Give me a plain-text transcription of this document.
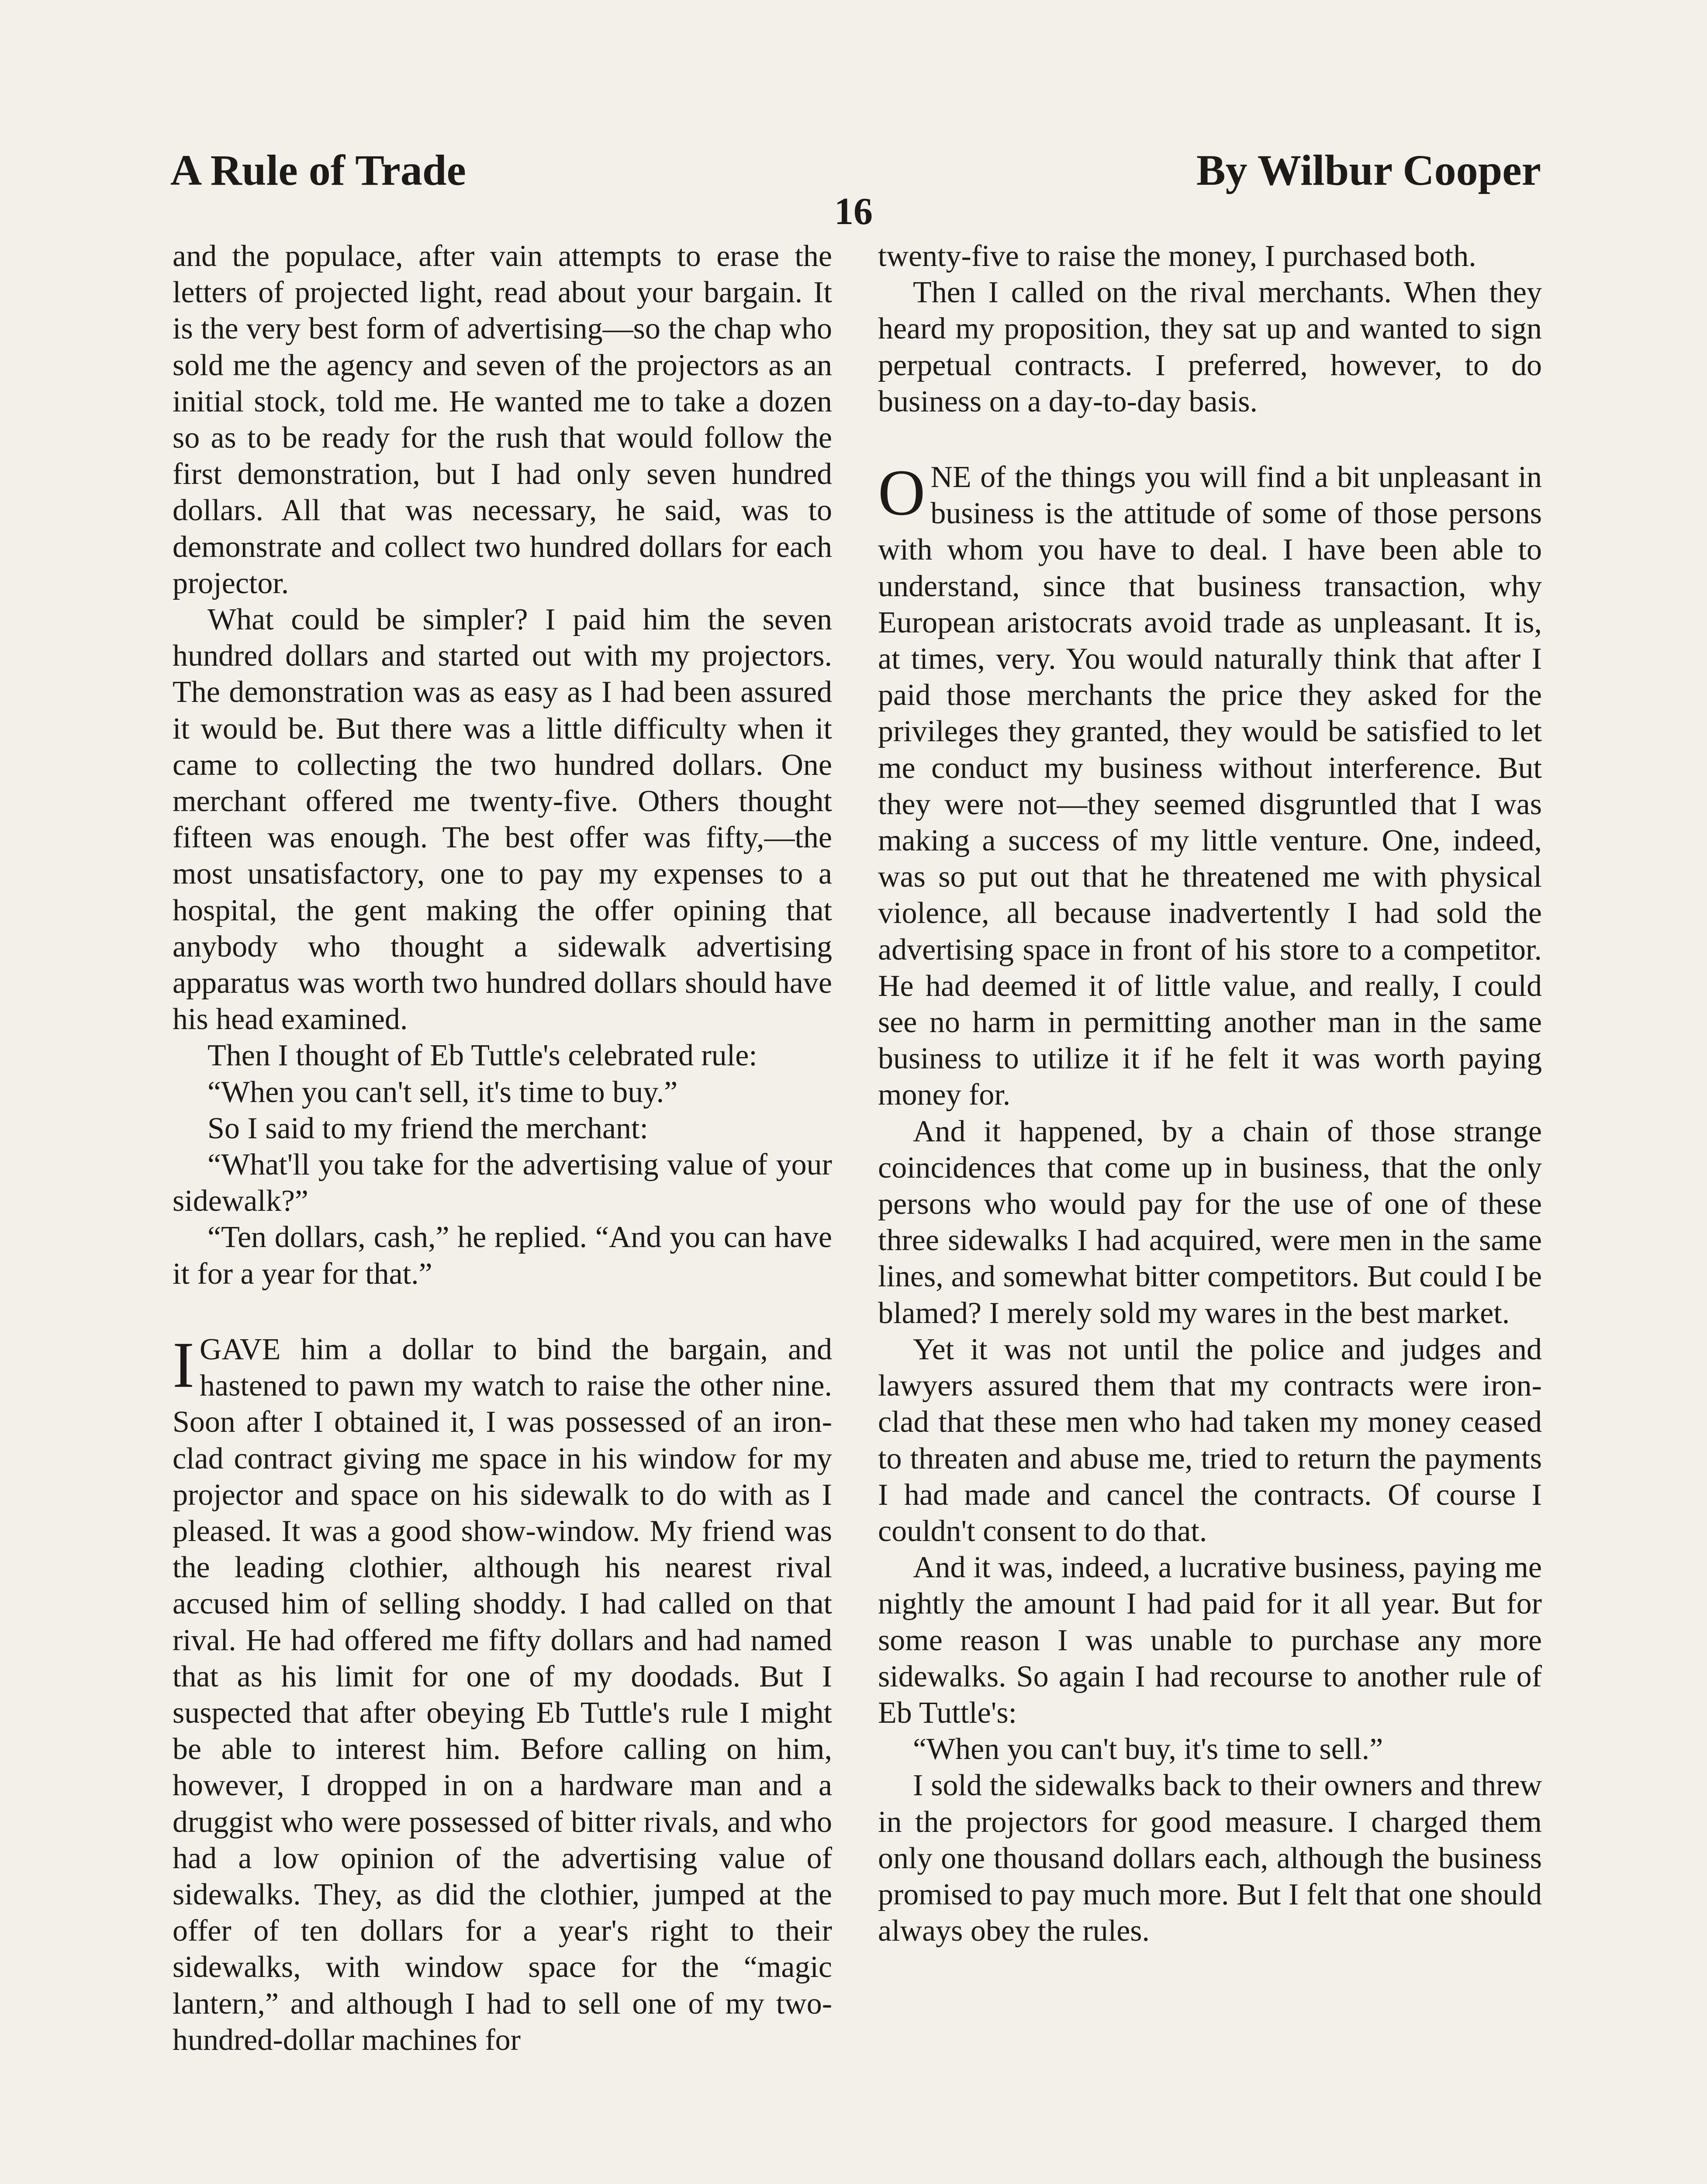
A Rule of Trade	By Wilbur Cooper
16

and the populace, after vain attempts to erase the letters of projected light, read about your bargain. It is the very best form of advertising—so the chap who sold me the agency and seven of the projectors as an initial stock, told me. He wanted me to take a dozen so as to be ready for the rush that would follow the first demonstration, but I had only seven hundred dollars. All that was necessary, he said, was to demonstrate and collect two hundred dollars for each projector.

What could be simpler? I paid him the seven hundred dollars and started out with my projectors. The demonstration was as easy as I had been assured it would be. But there was a little difficulty when it came to collecting the two hundred dollars. One merchant offered me twenty-five. Others thought fifteen was enough. The best offer was fifty,—the most unsatisfactory, one to pay my expenses to a hospital, the gent making the offer opining that anybody who thought a sidewalk advertising apparatus was worth two hundred dollars should have his head examined.

Then I thought of Eb Tuttle's celebrated rule:

“When you can't sell, it's time to buy.”

So I said to my friend the merchant:

“What'll you take for the advertising value of your sidewalk?”

“Ten dollars, cash,” he replied. “And you can have it for a year for that.”

IGAVE him a dollar to bind the bargain, and hastened to pawn my watch to raise the other nine. Soon after I obtained it, I was possessed of an iron-clad contract giving me space in his window for my projector and space on his sidewalk to do with as I pleased. It was a good show-window. My friend was the leading clothier, although his nearest rival accused him of selling shoddy. I had called on that rival. He had offered me fifty dollars and had named that as his limit for one of my doodads. But I suspected that after obeying Eb Tuttle's rule I might be able to interest him. Before calling on him, however, I dropped in on a hardware man and a druggist who were possessed of bitter rivals, and who had a low opinion of the advertising value of sidewalks. They, as did the clothier, jumped at the offer of ten dollars for a year's right to their sidewalks, with window space for the “magic lantern,” and although I had to sell one of my two-hundred-dollar machines for

twenty-five to raise the money, I purchased both.

Then I called on the rival merchants. When they heard my proposition, they sat up and wanted to sign perpetual contracts. I preferred, however, to do business on a day-to-day basis.

ONE of the things you will find a bit unpleasant in business is the attitude of some of those persons with whom you have to deal. I have been able to understand, since that business transaction, why European aristocrats avoid trade as unpleasant. It is, at times, very. You would naturally think that after I paid those merchants the price they asked for the privileges they granted, they would be satisfied to let me conduct my business without interference. But they were not—they seemed disgruntled that I was making a success of my little venture. One, indeed, was so put out that he threatened me with physical violence, all because inadvertently I had sold the advertising space in front of his store to a competitor. He had deemed it of little value, and really, I could see no harm in permitting another man in the same business to utilize it if he felt it was worth paying money for.

And it happened, by a chain of those strange coincidences that come up in business, that the only persons who would pay for the use of one of these three sidewalks I had acquired, were men in the same lines, and somewhat bitter competitors. But could I be blamed? I merely sold my wares in the best market.

Yet it was not until the police and judges and lawyers assured them that my contracts were iron-clad that these men who had taken my money ceased to threaten and abuse me, tried to return the payments I had made and cancel the contracts. Of course I couldn't consent to do that.

And it was, indeed, a lucrative business, paying me nightly the amount I had paid for it all year. But for some reason I was unable to purchase any more sidewalks. So again I had recourse to another rule of Eb Tuttle's:

“When you can't buy, it's time to sell.”

I sold the sidewalks back to their owners and threw in the projectors for good measure. I charged them only one thousand dollars each, although the business promised to pay much more. But I felt that one should always obey the rules.
